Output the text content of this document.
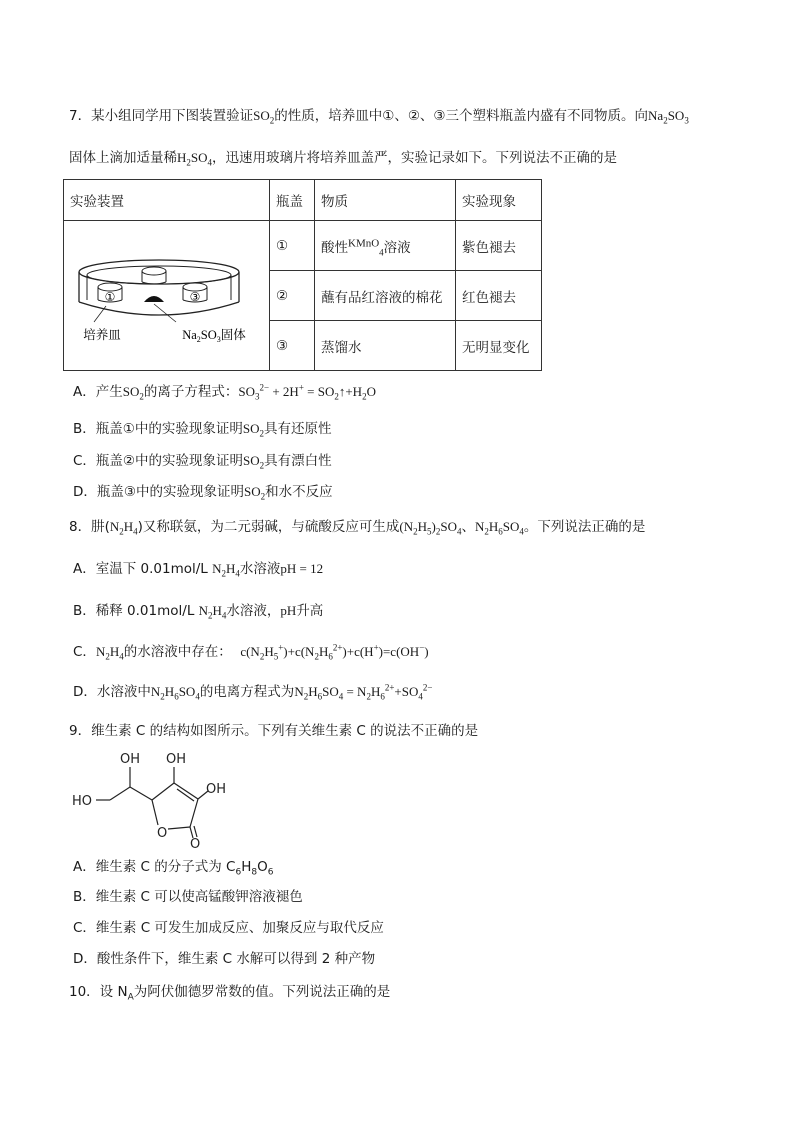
7．某小组同学用下图装置验证$SO_2$的性质，培养皿中①、②、③三个塑料瓶盖内盛有不同物质。向$Na_2SO_3$
固体上滴加适量稀$H_2SO_4$，迅速用玻璃片将培养皿盖严，实验记录如下。下列说法不正确的是
实验装置	瓶盖	物质	实验现象

① ③
培养皿 $Na_2SO_3$固体	①	酸性$^{KMnO}_4$溶液	紫色褪去
	②	蘸有品红溶液的棉花	红色褪去
	③	蒸馏水	无明显变化
A．产生$SO_2$的离子方程式：$SO_3^{2-} + 2H^+$ = $SO_2↑+H_2O$
B．瓶盖①中的实验现象证明$SO_2$具有还原性
C．瓶盖②中的实验现象证明$SO_2$具有漂白性
D．瓶盖③中的实验现象证明$SO_2$和水不反应
8．肼$(N_2H_4)$又称联氨，为二元弱碱，与硫酸反应可生成$(N_2H_5)_2SO_4$、$N_2H_6SO_4$。下列说法正确的是
A．室温下 0.01mol/L $N_2H_4$水溶液pH = 12
B．稀释 0.01mol/L $N_2H_4$水溶液，pH升高
C．$N_2H_4$的水溶液中存在： $c(N_2H_5^+)+c(N_2H_6^{2+})+c(H^+)=c(OH^-)$
D．水溶液中$N_2H_6SO_4$的电离方程式为$N_2H_6SO_4 = N_2H_6^{2+}+SO_4^{2-}$
9．维生素 C 的结构如图所示。下列有关维生素 C 的说法不正确的是
OH OH
HO
OH
O
O
A．维生素 C 的分子式为 $C_6H_8O_6$
B．维生素 C 可以使高锰酸钾溶液褪色
C．维生素 C 可发生加成反应、加聚反应与取代反应
D．酸性条件下，维生素 C 水解可以得到 2 种产物
10．设 $N_A$为阿伏伽德罗常数的值。下列说法正确的是
